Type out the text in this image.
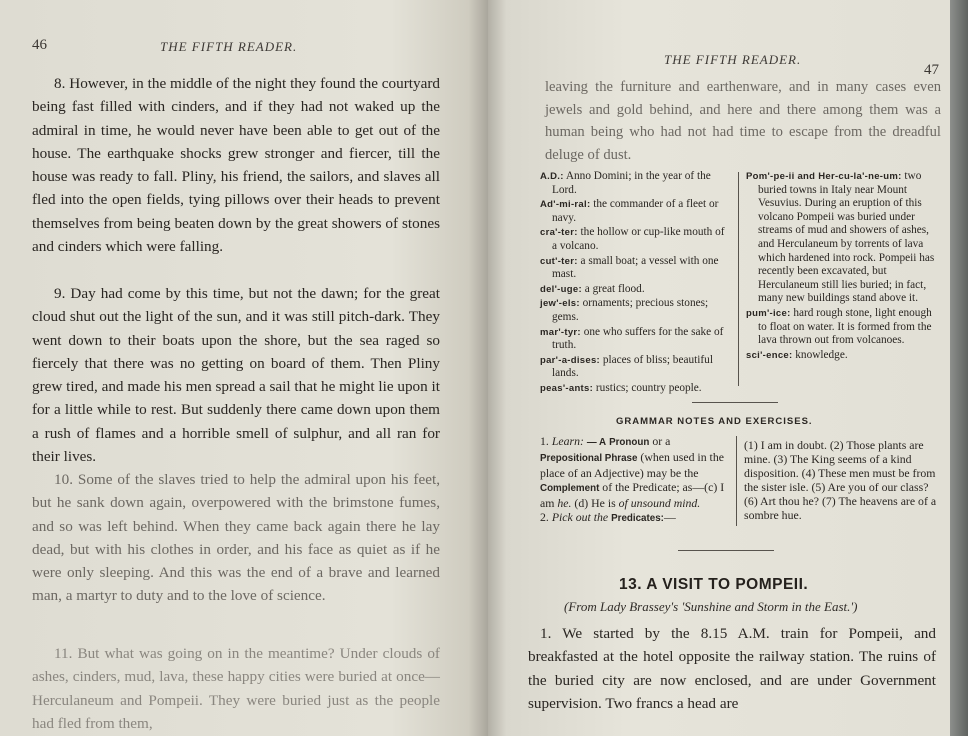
46	THE FIFTH READER.

8. However, in the middle of the night they found the courtyard being fast filled with cinders, and if they had not waked up the admiral in time, he would never have been able to get out of the house. The earthquake shocks grew stronger and fiercer, till the house was ready to fall. Pliny, his friend, the sailors, and slaves all fled into the open fields, tying pillows over their heads to prevent themselves from being beaten down by the great showers of stones and cinders which were falling.

9. Day had come by this time, but not the dawn; for the great cloud shut out the light of the sun, and it was still pitch-dark. They went down to their boats upon the shore, but the sea raged so fiercely that there was no getting on board of them. Then Pliny grew tired, and made his men spread a sail that he might lie upon it for a little while to rest. But suddenly there came down upon them a rush of flames and a horrible smell of sulphur, and all ran for their lives.

10. Some of the slaves tried to help the admiral upon his feet, but he sank down again, overpowered with the brimstone fumes, and so was left behind. When they came back again there he lay dead, but with his clothes in order, and his face as quiet as if he were only sleeping. And this was the end of a brave and learned man, a martyr to duty and to the love of science.

11. But what was going on in the meantime? Under clouds of ashes, cinders, mud, lava, these happy cities were buried at once—Herculaneum and Pompeii. They were buried just as the people had fled from them,

THE FIFTH READER.
47

leaving the furniture and earthenware, and in many cases even jewels and gold behind, and here and there among them was a human being who had not had time to escape from the dreadful deluge of dust.

A.D.: Anno Domini; in the year of the Lord.

Ad'-mi-ral: the commander of a fleet or navy.

cra'-ter: the hollow or cup-like mouth of a volcano.

cut'-ter: a small boat; a vessel with one mast.

del'-uge: a great flood.

jew'-els: ornaments; precious stones; gems.

mar'-tyr: one who suffers for the sake of truth.

par'-a-dises: places of bliss; beautiful lands.

peas'-ants: rustics; country people.

Pom'-pe-ii and Her-cu-la'-ne-um: two buried towns in Italy near Mount Vesuvius. During an eruption of this volcano Pompeii was buried under streams of mud and showers of ashes, and Herculaneum by torrents of lava which hardened into rock. Pompeii has recently been excavated, but Herculaneum still lies buried; in fact, many new buildings stand above it.

pum'-ice: hard rough stone, light enough to float on water. It is formed from the lava thrown out from volcanoes.

sci'-ence: knowledge.

GRAMMAR NOTES AND EXERCISES.

1. Learn: — A Pronoun or a Prepositional Phrase (when used in the place of an Adjective) may be the Complement of the Predicate; as—(c) I am he. (d) He is of unsound mind.

2. Pick out the Predicates:—

(1) I am in doubt. (2) Those plants are mine. (3) The King seems of a kind disposition. (4) These men must be from the sister isle. (5) Are you of our class? (6) Art thou he? (7) The heavens are of a sombre hue.
13. A VISIT TO POMPEII.
(From Lady Brassey's 'Sunshine and Storm in the East.')

1. We started by the 8.15 A.M. train for Pompeii, and breakfasted at the hotel opposite the railway station. The ruins of the buried city are now enclosed, and are under Government supervision. Two francs a head are
